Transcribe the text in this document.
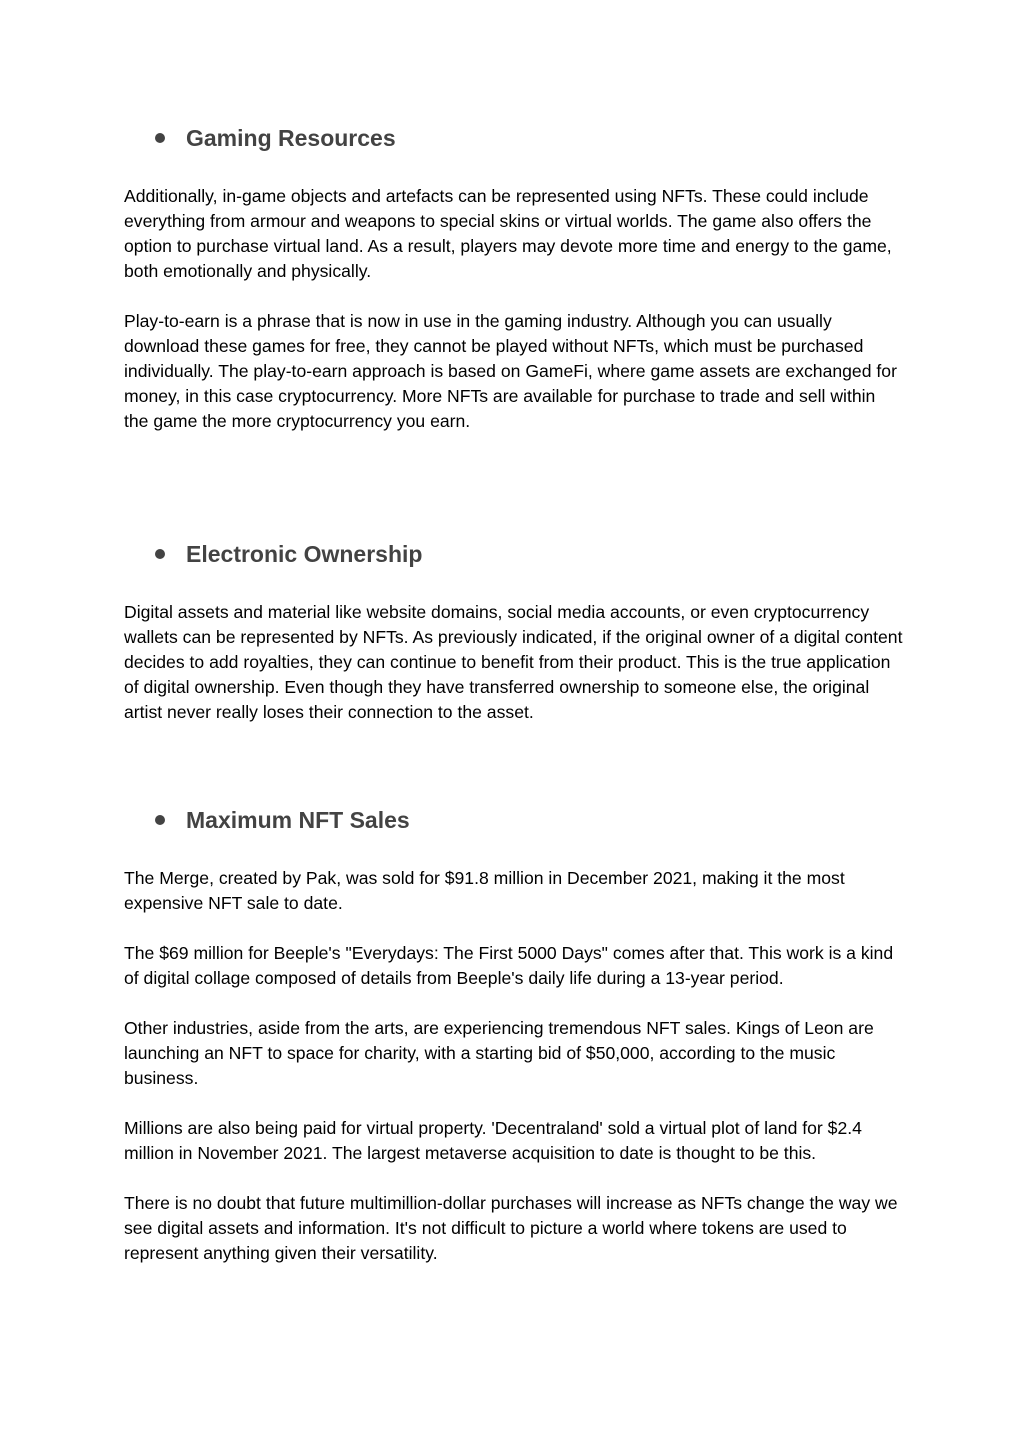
Gaming Resources

Additionally, in-game objects and artefacts can be represented using NFTs. These could include everything from armour and weapons to special skins or virtual worlds. The game also offers the option to purchase virtual land. As a result, players may devote more time and energy to the game, both emotionally and physically.

Play-to-earn is a phrase that is now in use in the gaming industry. Although you can usually download these games for free, they cannot be played without NFTs, which must be purchased individually. The play-to-earn approach is based on GameFi, where game assets are exchanged for money, in this case cryptocurrency. More NFTs are available for purchase to trade and sell within the game the more cryptocurrency you earn.

Electronic Ownership

Digital assets and material like website domains, social media accounts, or even cryptocurrency wallets can be represented by NFTs. As previously indicated, if the original owner of a digital content decides to add royalties, they can continue to benefit from their product. This is the true application of digital ownership. Even though they have transferred ownership to someone else, the original artist never really loses their connection to the asset.

Maximum NFT Sales

The Merge, created by Pak, was sold for $91.8 million in December 2021, making it the most expensive NFT sale to date.

The $69 million for Beeple's "Everydays: The First 5000 Days" comes after that. This work is a kind of digital collage composed of details from Beeple's daily life during a 13-year period.

Other industries, aside from the arts, are experiencing tremendous NFT sales. Kings of Leon are launching an NFT to space for charity, with a starting bid of $50,000, according to the music business.

Millions are also being paid for virtual property. 'Decentraland' sold a virtual plot of land for $2.4 million in November 2021. The largest metaverse acquisition to date is thought to be this.

There is no doubt that future multimillion-dollar purchases will increase as NFTs change the way we see digital assets and information. It's not difficult to picture a world where tokens are used to represent anything given their versatility.
